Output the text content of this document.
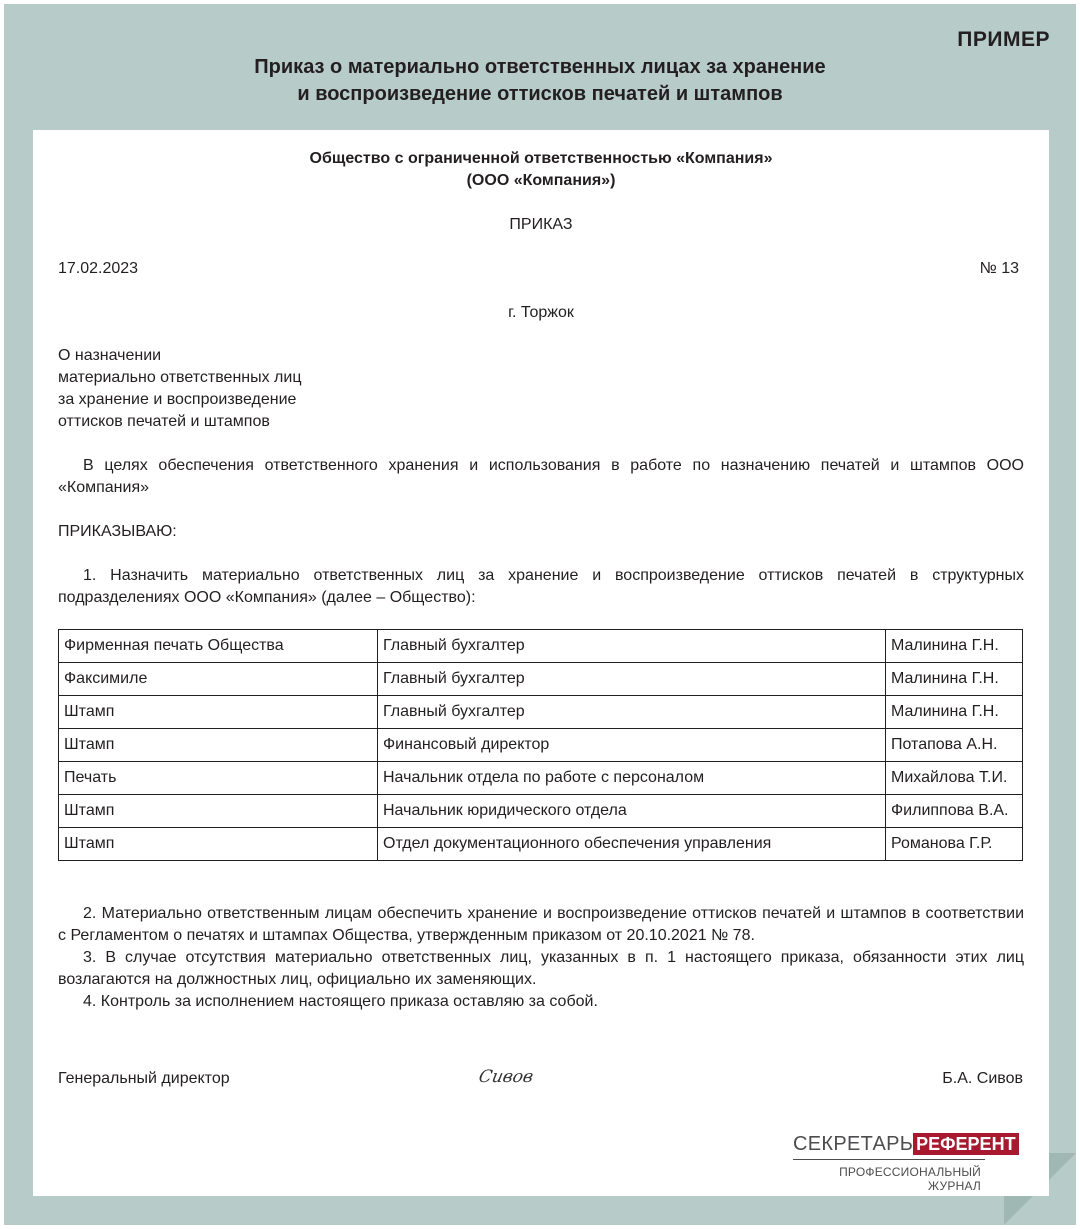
ПРИМЕР
Приказ о материально ответственных лицах за хранение
и воспроизведение оттисков печатей и штампов
Общество с ограниченной ответственностью «Компания»
(ООО «Компания»)
ПРИКАЗ
17.02.2023	№ 13
г. Торжок
О назначении
материально ответственных лиц
за хранение и воспроизведение
оттисков печатей и штампов
В целях обеспечения ответственного хранения и использования в работе по назначению печатей и штампов ООО «Компания»
ПРИКАЗЫВАЮ:
1. Назначить материально ответственных лиц за хранение и воспроизведение оттисков печатей в структурных подразделениях ООО «Компания» (далее – Общество):
Фирменная печать Общества	Главный бухгалтер	Малинина Г.Н.
Факсимиле	Главный бухгалтер	Малинина Г.Н.
Штамп	Главный бухгалтер	Малинина Г.Н.
Штамп	Финансовый директор	Потапова А.Н.
Печать	Начальник отдела по работе с персоналом	Михайлова Т.И.
Штамп	Начальник юридического отдела	Филиппова В.А.
Штамп	Отдел документационного обеспечения управления	Романова Г.Р.

2. Материально ответственным лицам обеспечить хранение и воспроизведение оттисков печатей и штампов в соответствии с Регламентом о печатях и штампах Общества, утвержденным приказом от 20.10.2021 № 78.

3. В случае отсутствия материально ответственных лиц, указанных в п. 1 настоящего приказа, обязанности этих лиц возлагаются на должностных лиц, официально их заменяющих.

4. Контроль за исполнением настоящего приказа оставляю за собой.

Генеральный директор	Сивов	Б.А. Сивов
СЕКРЕТАРЬ РЕФЕРЕНТ
ПРОФЕССИОНАЛЬНЫЙ ЖУРНАЛ
